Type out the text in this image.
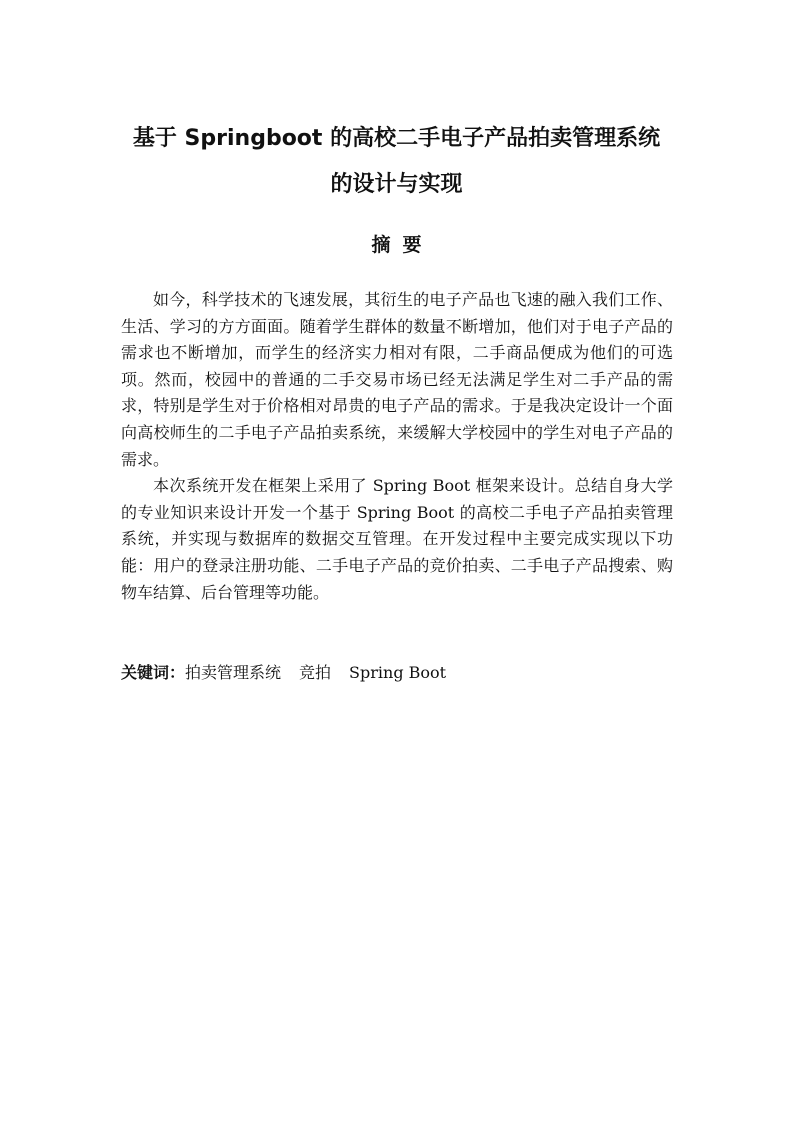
基于 Springboot 的高校二手电子产品拍卖管理系统
的设计与实现
摘要

如今，科学技术的飞速发展，其衍生的电子产品也飞速的融入我们工作、生活、学习的方方面面。随着学生群体的数量不断增加，他们对于电子产品的需求也不断增加，而学生的经济实力相对有限，二手商品便成为他们的可选项。然而，校园中的普通的二手交易市场已经无法满足学生对二手产品的需求，特别是学生对于价格相对昂贵的电子产品的需求。于是我决定设计一个面向高校师生的二手电子产品拍卖系统，来缓解大学校园中的学生对电子产品的需求。

本次系统开发在框架上采用了 Spring Boot 框架来设计。总结自身大学的专业知识来设计开发一个基于 Spring Boot 的高校二手电子产品拍卖管理系统，并实现与数据库的数据交互管理。在开发过程中主要完成实现以下功能：用户的登录注册功能、二手电子产品的竞价拍卖、二手电子产品搜索、购物车结算、后台管理等功能。

关键词：拍卖管理系统 竞拍 Spring Boot
